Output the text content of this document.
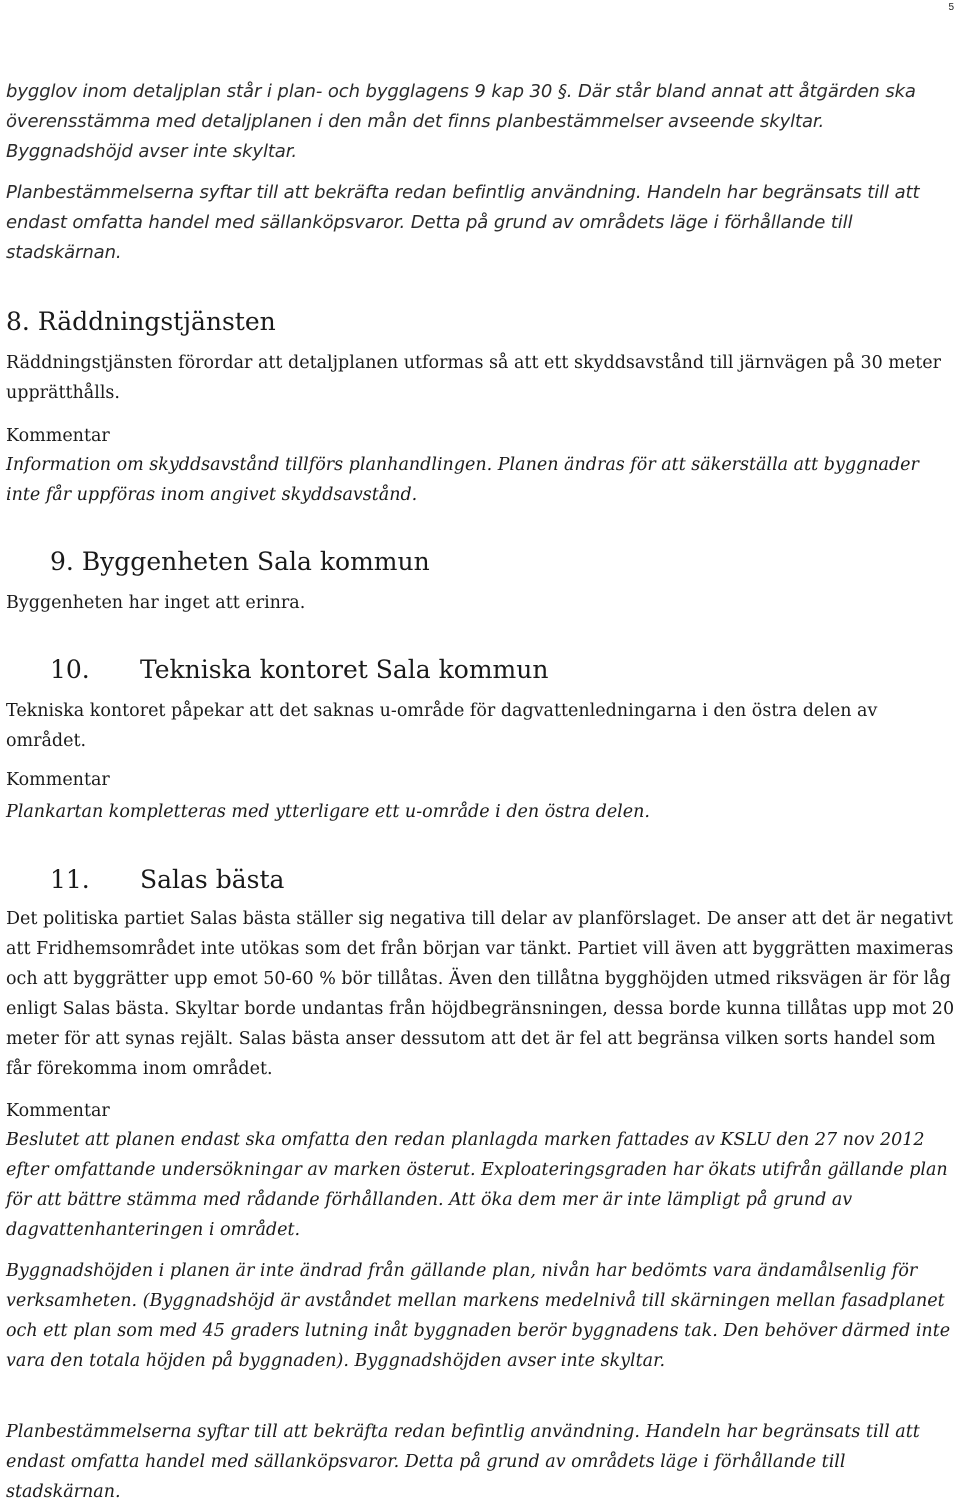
5

bygglov inom detaljplan står i plan- och bygglagens 9 kap 30 §. Där står bland annat att åtgärden ska överensstämma med detaljplanen i den mån det finns planbestämmelser avseende skyltar. Byggnadshöjd avser inte skyltar.

Planbestämmelserna syftar till att bekräfta redan befintlig användning. Handeln har begränsats till att endast omfatta handel med sällanköpsvaror. Detta på grund av områdets läge i förhållande till stadskärnan.

8. Räddningstjänsten

Räddningstjänsten förordar att detaljplanen utformas så att ett skyddsavstånd till järnvägen på 30 meter upprätthålls.

Kommentar

Information om skyddsavstånd tillförs planhandlingen. Planen ändras för att säkerställa att byggnader inte får uppföras inom angivet skyddsavstånd.

9. Byggenheten Sala kommun

Byggenheten har inget att erinra.

10. Tekniska kontoret Sala kommun

Tekniska kontoret påpekar att det saknas u-område för dagvattenledningarna i den östra delen av området.

Kommentar

Plankartan kompletteras med ytterligare ett u-område i den östra delen.

11. Salas bästa

Det politiska partiet Salas bästa ställer sig negativa till delar av planförslaget. De anser att det är negativt att Fridhemsområdet inte utökas som det från början var tänkt. Partiet vill även att byggrätten maximeras och att byggrätter upp emot 50-60 % bör tillåtas. Även den tillåtna bygghöjden utmed riksvägen är för låg enligt Salas bästa. Skyltar borde undantas från höjdbegränsningen, dessa borde kunna tillåtas upp mot 20 meter för att synas rejält. Salas bästa anser dessutom att det är fel att begränsa vilken sorts handel som får förekomma inom området.

Kommentar

Beslutet att planen endast ska omfatta den redan planlagda marken fattades av KSLU den 27 nov 2012 efter omfattande undersökningar av marken österut. Exploateringsgraden har ökats utifrån gällande plan för att bättre stämma med rådande förhållanden. Att öka dem mer är inte lämpligt på grund av dagvattenhanteringen i området.

Byggnadshöjden i planen är inte ändrad från gällande plan, nivån har bedömts vara ändamålsenlig för verksamheten. (Byggnadshöjd är avståndet mellan markens medelnivå till skärningen mellan fasadplanet och ett plan som med 45 graders lutning inåt byggnaden berör byggnadens tak. Den behöver därmed inte vara den totala höjden på byggnaden). Byggnadshöjden avser inte skyltar.

Planbestämmelserna syftar till att bekräfta redan befintlig användning. Handeln har begränsats till att endast omfatta handel med sällanköpsvaror. Detta på grund av områdets läge i förhållande till stadskärnan.
